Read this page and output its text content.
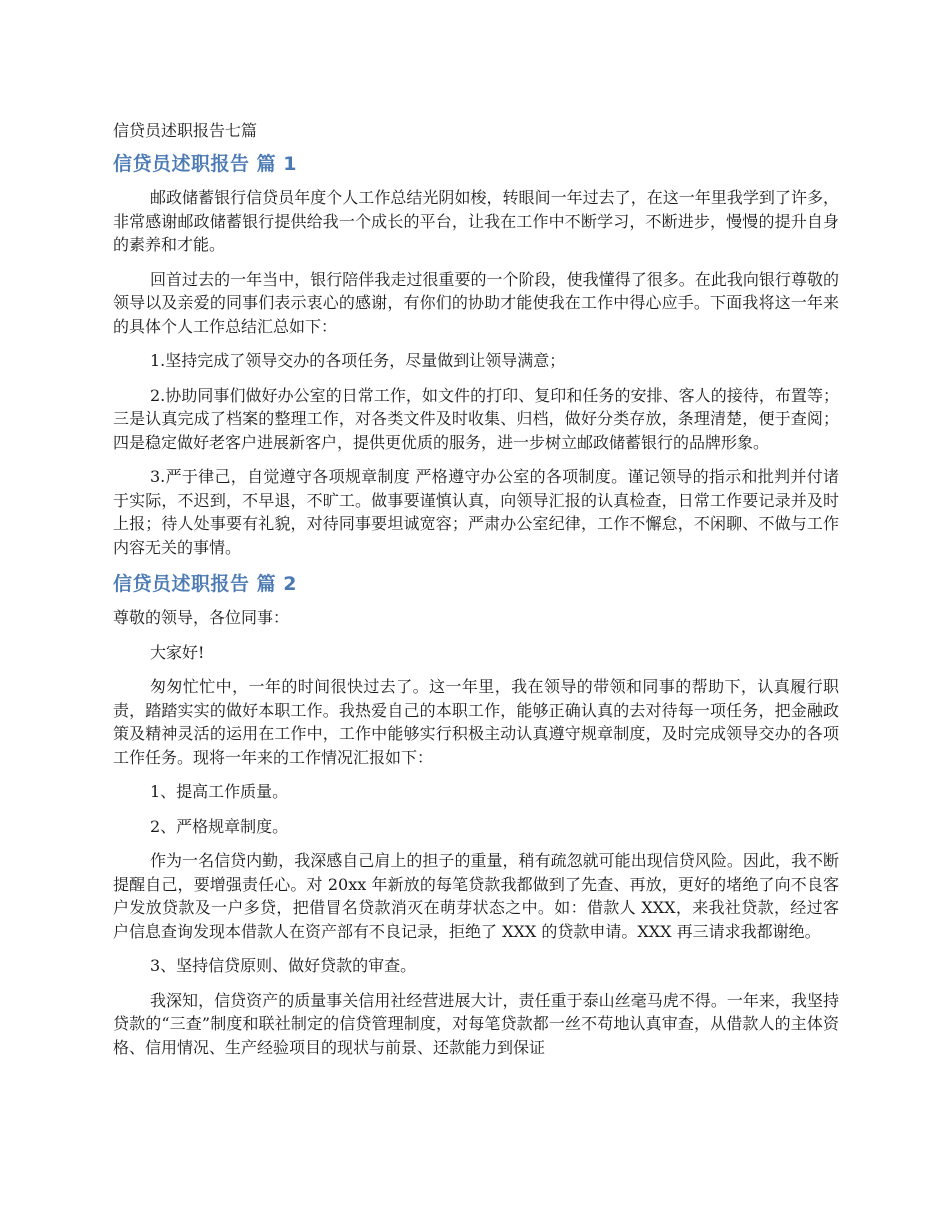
信贷员述职报告七篇
信贷员述职报告 篇 1
邮政储蓄银行信贷员年度个人工作总结光阴如梭，转眼间一年过去了，在这一年里我学到了许多，非常感谢邮政储蓄银行提供给我一个成长的平台，让我在工作中不断学习，不断进步，慢慢的提升自身的素养和才能。
回首过去的一年当中，银行陪伴我走过很重要的一个阶段，使我懂得了很多。在此我向银行尊敬的领导以及亲爱的同事们表示衷心的感谢，有你们的协助才能使我在工作中得心应手。下面我将这一年来的具体个人工作总结汇总如下：
1.坚持完成了领导交办的各项任务，尽量做到让领导满意；
2.协助同事们做好办公室的日常工作，如文件的打印、复印和任务的安排、客人的接待，布置等；三是认真完成了档案的整理工作，对各类文件及时收集、归档，做好分类存放，条理清楚，便于查阅；四是稳定做好老客户进展新客户，提供更优质的服务，进一步树立邮政储蓄银行的品牌形象。
3.严于律己，自觉遵守各项规章制度 严格遵守办公室的各项制度。谨记领导的指示和批判并付诸于实际，不迟到，不早退，不旷工。做事要谨慎认真，向领导汇报的认真检查，日常工作要记录并及时上报；待人处事要有礼貌，对待同事要坦诚宽容；严肃办公室纪律，工作不懈怠，不闲聊、不做与工作内容无关的事情。
信贷员述职报告 篇 2
尊敬的领导，各位同事：
大家好!
匆匆忙忙中，一年的时间很快过去了。这一年里，我在领导的带领和同事的帮助下，认真履行职责，踏踏实实的做好本职工作。我热爱自己的本职工作，能够正确认真的去对待每一项任务，把金融政策及精神灵活的运用在工作中，工作中能够实行积极主动认真遵守规章制度，及时完成领导交办的各项工作任务。现将一年来的工作情况汇报如下：
1、提高工作质量。
2、严格规章制度。
作为一名信贷内勤，我深感自己肩上的担子的重量，稍有疏忽就可能出现信贷风险。因此，我不断提醒自己，要增强责任心。对 20xx 年新放的每笔贷款我都做到了先查、再放，更好的堵绝了向不良客户发放贷款及一户多贷，把借冒名贷款消灭在萌芽状态之中。如：借款人 XXX，来我社贷款，经过客户信息查询发现本借款人在资产部有不良记录，拒绝了 XXX 的贷款申请。XXX 再三请求我都谢绝。
3、坚持信贷原则、做好贷款的审查。
我深知，信贷资产的质量事关信用社经营进展大计，责任重于泰山丝毫马虎不得。一年来，我坚持贷款的“三查”制度和联社制定的信贷管理制度，对每笔贷款都一丝不苟地认真审查，从借款人的主体资格、信用情况、生产经验项目的现状与前景、还款能力到保证
